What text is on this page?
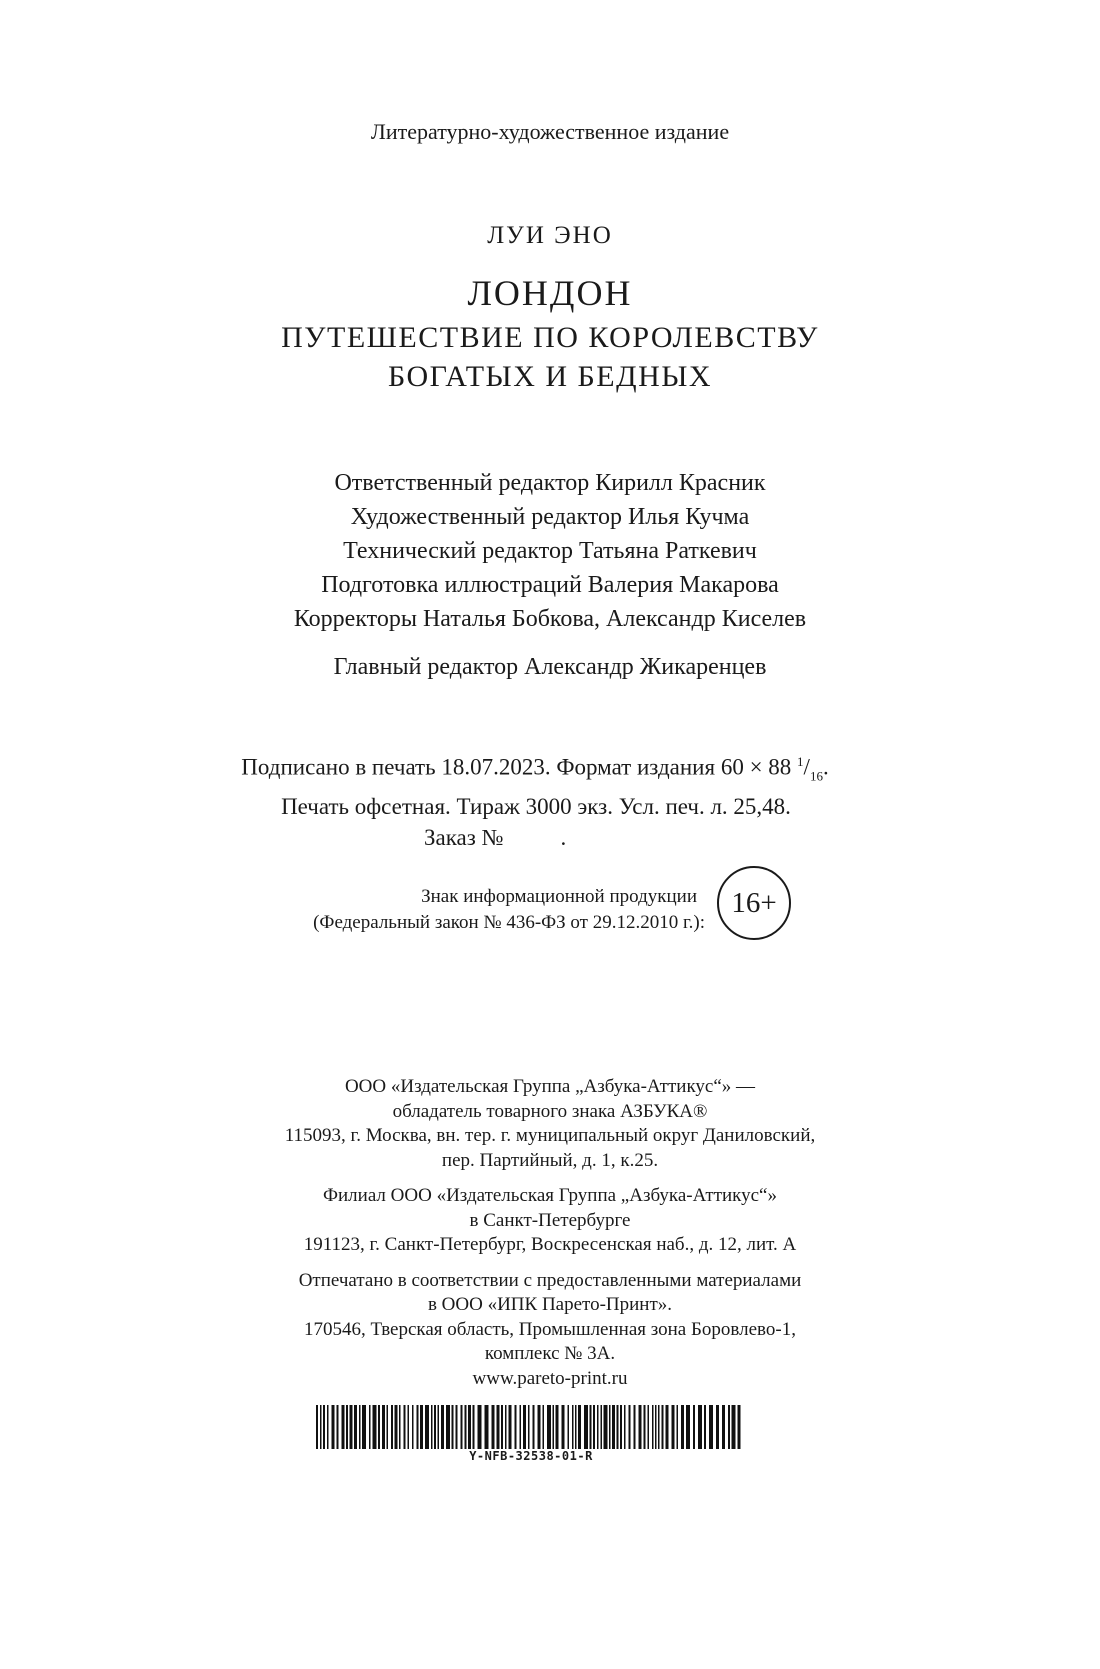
Литературно-художественное издание
ЛУИ ЭНО
ЛОНДОН
ПУТЕШЕСТВИЕ ПО КОРОЛЕВСТВУ
БОГАТЫХ И БЕДНЫХ
Ответственный редактор Кирилл Красник
Художественный редактор Илья Кучма
Технический редактор Татьяна Раткевич
Подготовка иллюстраций Валерия Макарова
Корректоры Наталья Бобкова, Александр Киселев
Главный редактор Александр Жикаренцев
Подписано в печать 18.07.2023. Формат издания 60 × 88 $^1/_{16}$.
Печать офсетная. Тираж 3000 экз. Усл. печ. л. 25,48.
Заказ № .
Знак информационной продукции
(Федеральный закон № 436-ФЗ от 29.12.2010 г.):
16+
ООО «Издательская Группа „Азбука-Аттикус“» —
обладатель товарного знака АЗБУКА®
115093, г. Москва, вн. тер. г. муниципальный округ Даниловский,
пер. Партийный, д. 1, к.25.
Филиал ООО «Издательская Группа „Азбука-Аттикус“»
в Санкт-Петербурге
191123, г. Санкт-Петербург, Воскресенская наб., д. 12, лит. А
Отпечатано в соответствии с предоставленными материалами
в ООО «ИПК Парето-Принт».
170546, Тверская область, Промышленная зона Боровлево-1,
комплекс № 3А.
www.pareto-print.ru
Y-NFB-32538-01-R
